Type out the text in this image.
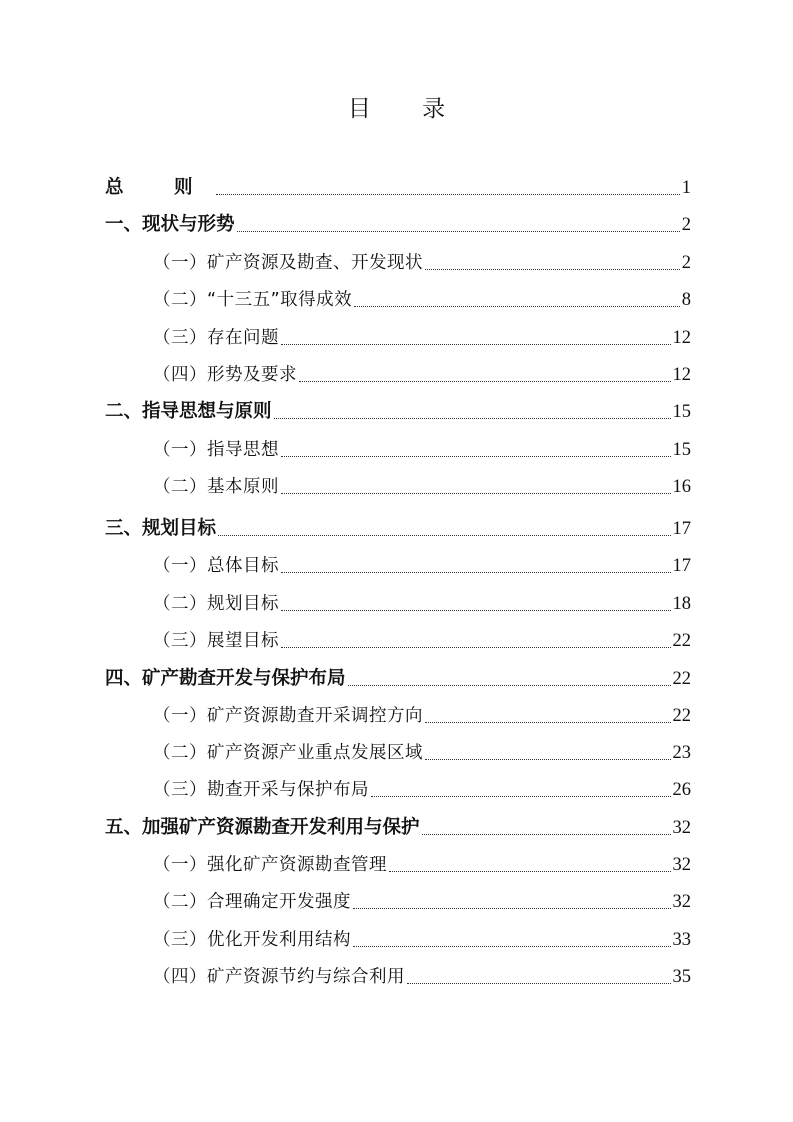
目 录
总 则	1
一、现状与形势	2
（一）矿产资源及勘查、开发现状	2
（二）“十三五”取得成效	8
（三）存在问题	12
（四）形势及要求	12
二、指导思想与原则	15
（一）指导思想	15
（二）基本原则	16
三、规划目标	17
（一）总体目标	17
（二）规划目标	18
（三）展望目标	22
四、矿产勘查开发与保护布局	22
（一）矿产资源勘查开采调控方向	22
（二）矿产资源产业重点发展区域	23
（三）勘查开采与保护布局	26
五、加强矿产资源勘查开发利用与保护	32
（一）强化矿产资源勘查管理	32
（二）合理确定开发强度	32
（三）优化开发利用结构	33
（四）矿产资源节约与综合利用	35
